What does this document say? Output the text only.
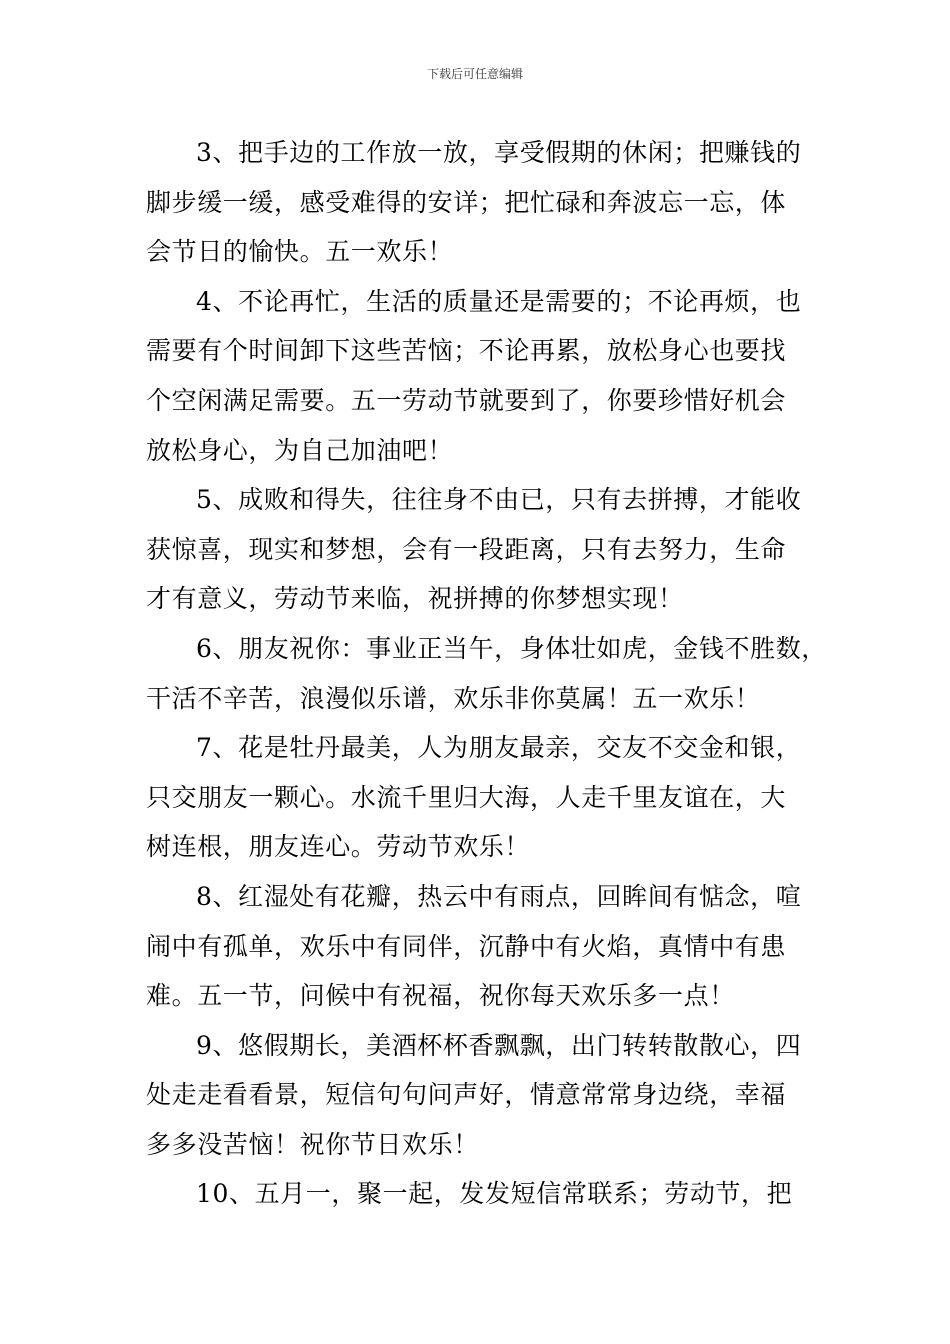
下载后可任意编辑
3、把手边的工作放一放，享受假期的休闲；把赚钱的
脚步缓一缓，感受难得的安详；把忙碌和奔波忘一忘，体
会节日的愉快。五一欢乐！
4、不论再忙，生活的质量还是需要的；不论再烦，也
需要有个时间卸下这些苦恼；不论再累，放松身心也要找
个空闲满足需要。五一劳动节就要到了，你要珍惜好机会
放松身心，为自己加油吧！
5、成败和得失，往往身不由已，只有去拼搏，才能收
获惊喜，现实和梦想，会有一段距离，只有去努力，生命
才有意义，劳动节来临，祝拼搏的你梦想实现！
6、朋友祝你：事业正当午，身体壮如虎，金钱不胜数，
干活不辛苦，浪漫似乐谱，欢乐非你莫属！五一欢乐！
7、花是牡丹最美，人为朋友最亲，交友不交金和银，
只交朋友一颗心。水流千里归大海，人走千里友谊在，大
树连根，朋友连心。劳动节欢乐！
8、红湿处有花瓣，热云中有雨点，回眸间有惦念，喧
闹中有孤单，欢乐中有同伴，沉静中有火焰，真情中有患
难。五一节，问候中有祝福，祝你每天欢乐多一点！
9、悠假期长，美酒杯杯香飘飘，出门转转散散心，四
处走走看看景，短信句句问声好，情意常常身边绕，幸福
多多没苦恼！祝你节日欢乐！
10、五月一，聚一起，发发短信常联系；劳动节，把
